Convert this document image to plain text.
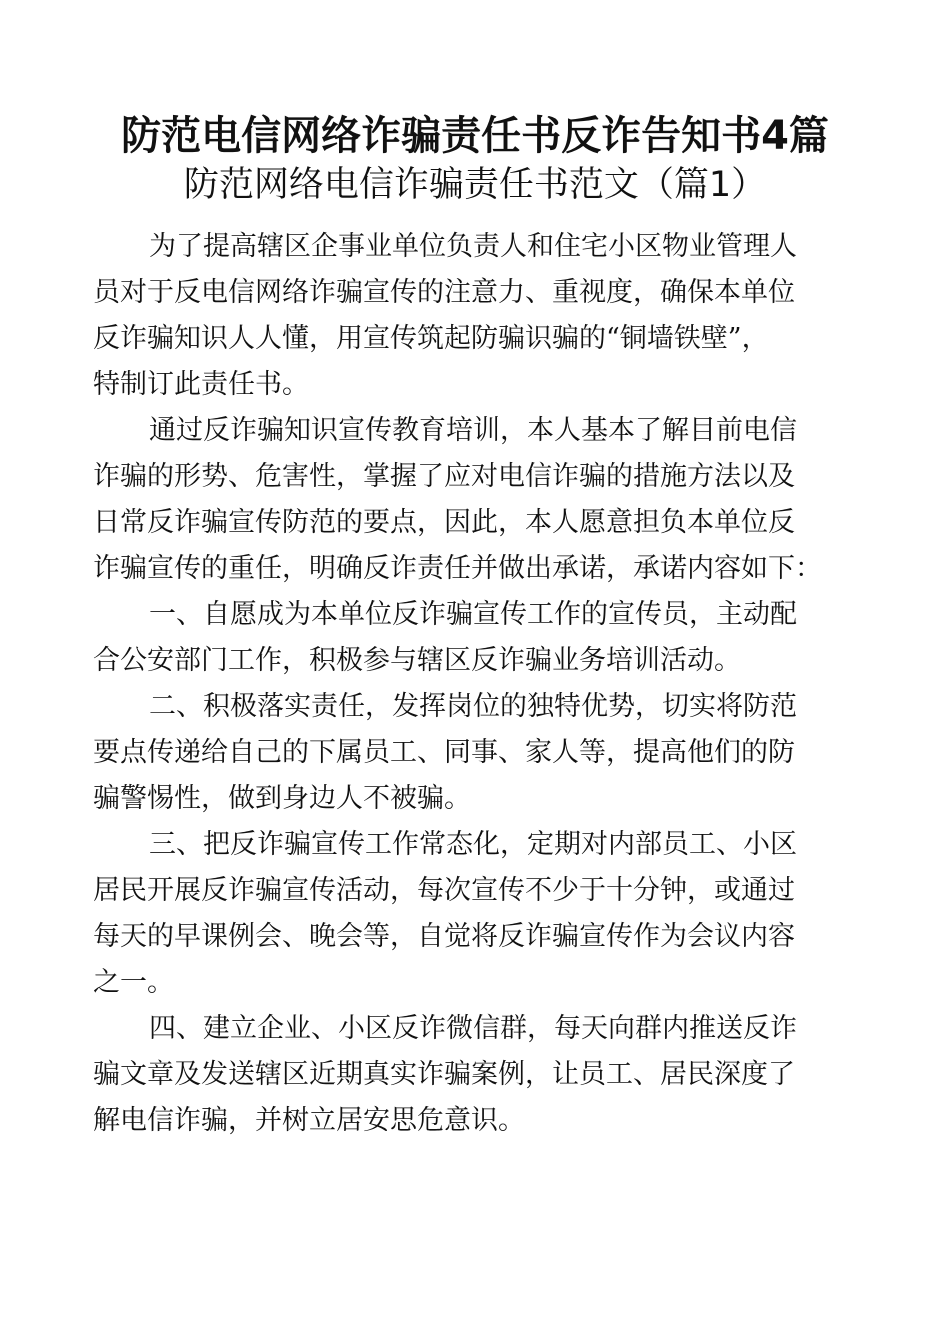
防范电信网络诈骗责任书反诈告知书4篇
防范网络电信诈骗责任书范文（篇1）

为了提高辖区企事业单位负责人和住宅小区物业管理人
员对于反电信网络诈骗宣传的注意力、重视度，确保本单位
反诈骗知识人人懂，用宣传筑起防骗识骗的“铜墙铁壁”，
特制订此责任书。

通过反诈骗知识宣传教育培训，本人基本了解目前电信
诈骗的形势、危害性，掌握了应对电信诈骗的措施方法以及
日常反诈骗宣传防范的要点，因此，本人愿意担负本单位反
诈骗宣传的重任，明确反诈责任并做出承诺，承诺内容如下：

一、自愿成为本单位反诈骗宣传工作的宣传员，主动配
合公安部门工作，积极参与辖区反诈骗业务培训活动。

二、积极落实责任，发挥岗位的独特优势，切实将防范
要点传递给自己的下属员工、同事、家人等，提高他们的防
骗警惕性，做到身边人不被骗。

三、把反诈骗宣传工作常态化，定期对内部员工、小区
居民开展反诈骗宣传活动，每次宣传不少于十分钟，或通过
每天的早课例会、晚会等，自觉将反诈骗宣传作为会议内容
之一。

四、建立企业、小区反诈微信群，每天向群内推送反诈
骗文章及发送辖区近期真实诈骗案例，让员工、居民深度了
解电信诈骗，并树立居安思危意识。
